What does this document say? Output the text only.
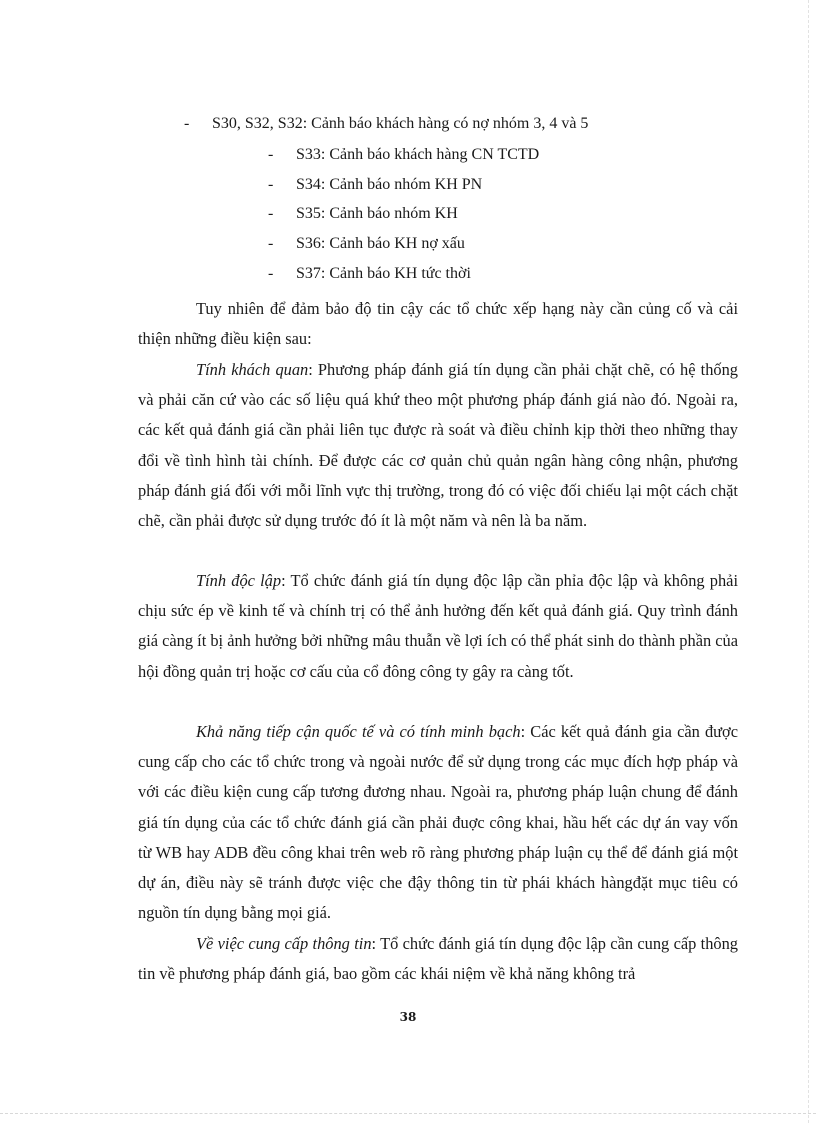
- S30, S32, S32: Cảnh báo khách hàng có nợ nhóm 3, 4 và 5
- S33: Cảnh báo khách hàng CN TCTD
- S34: Cảnh báo nhóm KH PN
- S35: Cảnh báo nhóm KH
- S36: Cảnh báo KH nợ xấu
- S37: Cảnh báo KH tức thời

Tuy nhiên để đảm bảo độ tin cậy các tổ chức xếp hạng này cần củng cố và cải thiện những điều kiện sau:

Tính khách quan: Phương pháp đánh giá tín dụng cần phải chặt chẽ, có hệ thống và phải căn cứ vào các số liệu quá khứ theo một phương pháp đánh giá nào đó. Ngoài ra, các kết quả đánh giá cần phải liên tục được rà soát và điều chỉnh kịp thời theo những thay đổi về tình hình tài chính. Để được các cơ quản chủ quản ngân hàng công nhận, phương pháp đánh giá đối với mỗi lĩnh vực thị trường, trong đó có việc đối chiếu lại một cách chặt chẽ, cần phải được sử dụng trước đó ít là một năm và nên là ba năm.

Tính độc lập: Tổ chức đánh giá tín dụng độc lập cần phỉa độc lập và không phải chịu sức ép về kinh tế và chính trị có thể ảnh hưởng đến kết quả đánh giá. Quy trình đánh giá càng ít bị ảnh hưởng bởi những mâu thuẫn về lợi ích có thể phát sinh do thành phần của hội đồng quản trị hoặc cơ cấu của cổ đông công ty gây ra càng tốt.

Khả năng tiếp cận quốc tế và có tính minh bạch: Các kết quả đánh gia cần được cung cấp cho các tổ chức trong và ngoài nước để sử dụng trong các mục đích hợp pháp và với các điều kiện cung cấp tương đương nhau. Ngoài ra, phương pháp luận chung để đánh giá tín dụng của các tổ chức đánh giá cần phải đuợc công khai, hầu hết các dự án vay vốn từ WB hay ADB đều công khai trên web rõ ràng phương pháp luận cụ thể để đánh giá một dự án, điều này sẽ tránh được việc che đậy thông tin từ phái khách hàngđặt mục tiêu có nguồn tín dụng bằng mọi giá.

Về việc cung cấp thông tin: Tổ chức đánh giá tín dụng độc lập cần cung cấp thông tin về phương pháp đánh giá, bao gồm các khái niệm về khả năng không trả

38
